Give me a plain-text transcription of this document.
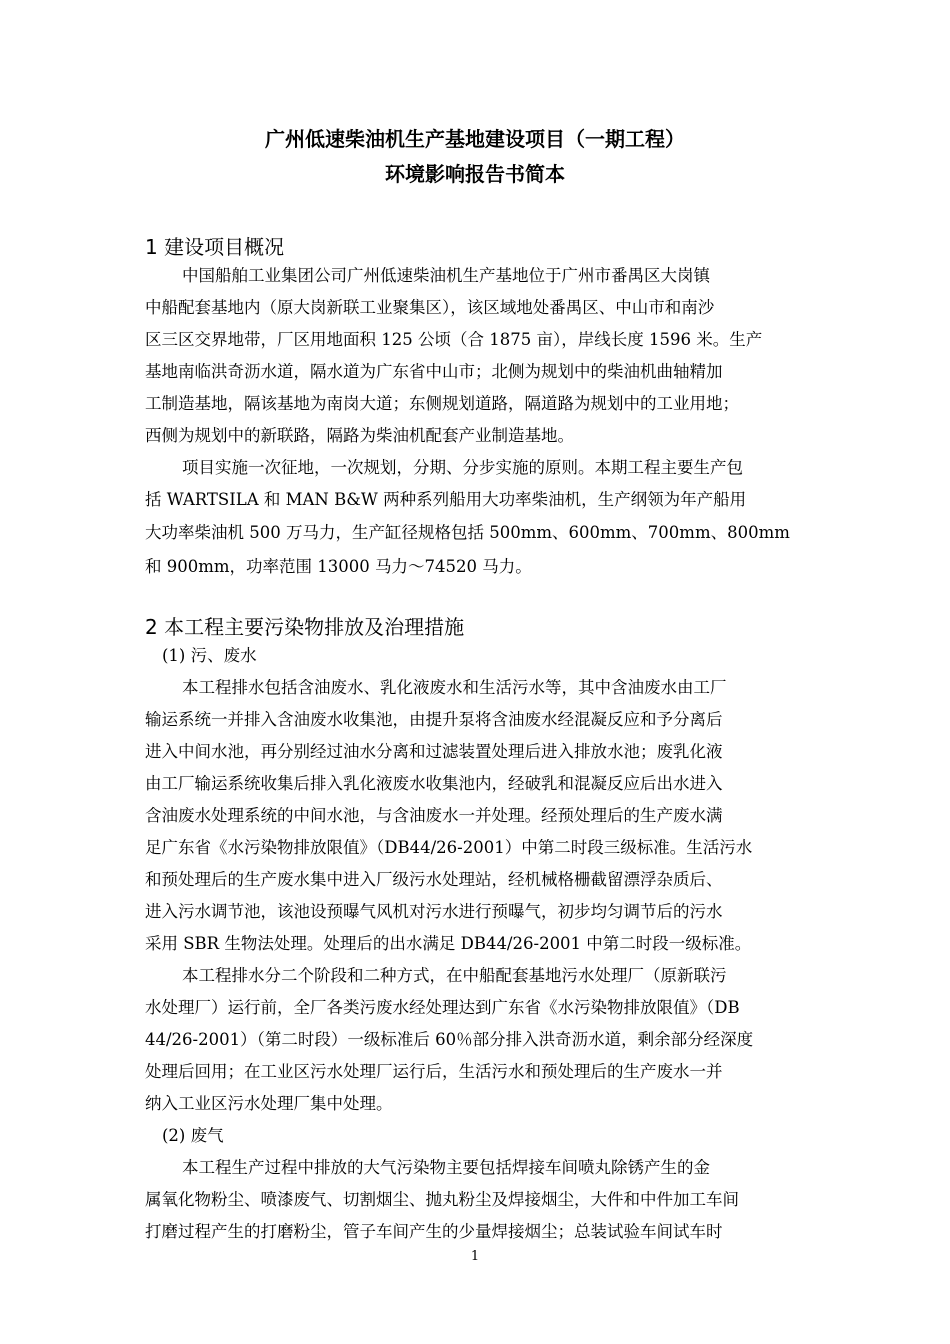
广州低速柴油机生产基地建设项目（一期工程）
环境影响报告书简本
1 建设项目概况
中国船舶工业集团公司广州低速柴油机生产基地位于广州市番禺区大岗镇
中船配套基地内（原大岗新联工业聚集区），该区域地处番禺区、中山市和南沙
区三区交界地带，厂区用地面积 125 公顷（合 1875 亩），岸线长度 1596 米。生产
基地南临洪奇沥水道，隔水道为广东省中山市；北侧为规划中的柴油机曲轴精加
工制造基地，隔该基地为南岗大道；东侧规划道路，隔道路为规划中的工业用地；
西侧为规划中的新联路，隔路为柴油机配套产业制造基地。
项目实施一次征地，一次规划，分期、分步实施的原则。本期工程主要生产包
括 WARTSILA 和 MAN B&W 两种系列船用大功率柴油机，生产纲领为年产船用
大功率柴油机 500 万马力，生产缸径规格包括 500mm、600mm、700mm、800mm
和 900mm，功率范围 13000 马力～74520 马力。
2 本工程主要污染物排放及治理措施
(1) 污、废水
本工程排水包括含油废水、乳化液废水和生活污水等，其中含油废水由工厂
输运系统一并排入含油废水收集池，由提升泵将含油废水经混凝反应和予分离后
进入中间水池，再分别经过油水分离和过滤装置处理后进入排放水池；废乳化液
由工厂输运系统收集后排入乳化液废水收集池内，经破乳和混凝反应后出水进入
含油废水处理系统的中间水池，与含油废水一并处理。经预处理后的生产废水满
足广东省《水污染物排放限值》（DB44/26-2001）中第二时段三级标准。生活污水
和预处理后的生产废水集中进入厂级污水处理站，经机械格栅截留漂浮杂质后、
进入污水调节池，该池设预曝气风机对污水进行预曝气，初步均匀调节后的污水
采用 SBR 生物法处理。处理后的出水满足 DB44/26-2001 中第二时段一级标准。
本工程排水分二个阶段和二种方式，在中船配套基地污水处理厂（原新联污
水处理厂）运行前，全厂各类污废水经处理达到广东省《水污染物排放限值》（DB
44/26-2001）（第二时段）一级标准后 60％部分排入洪奇沥水道，剩余部分经深度
处理后回用；在工业区污水处理厂运行后，生活污水和预处理后的生产废水一并
纳入工业区污水处理厂集中处理。
(2) 废气
本工程生产过程中排放的大气污染物主要包括焊接车间喷丸除锈产生的金
属氧化物粉尘、喷漆废气、切割烟尘、抛丸粉尘及焊接烟尘，大件和中件加工车间
打磨过程产生的打磨粉尘，管子车间产生的少量焊接烟尘；总装试验车间试车时
1
